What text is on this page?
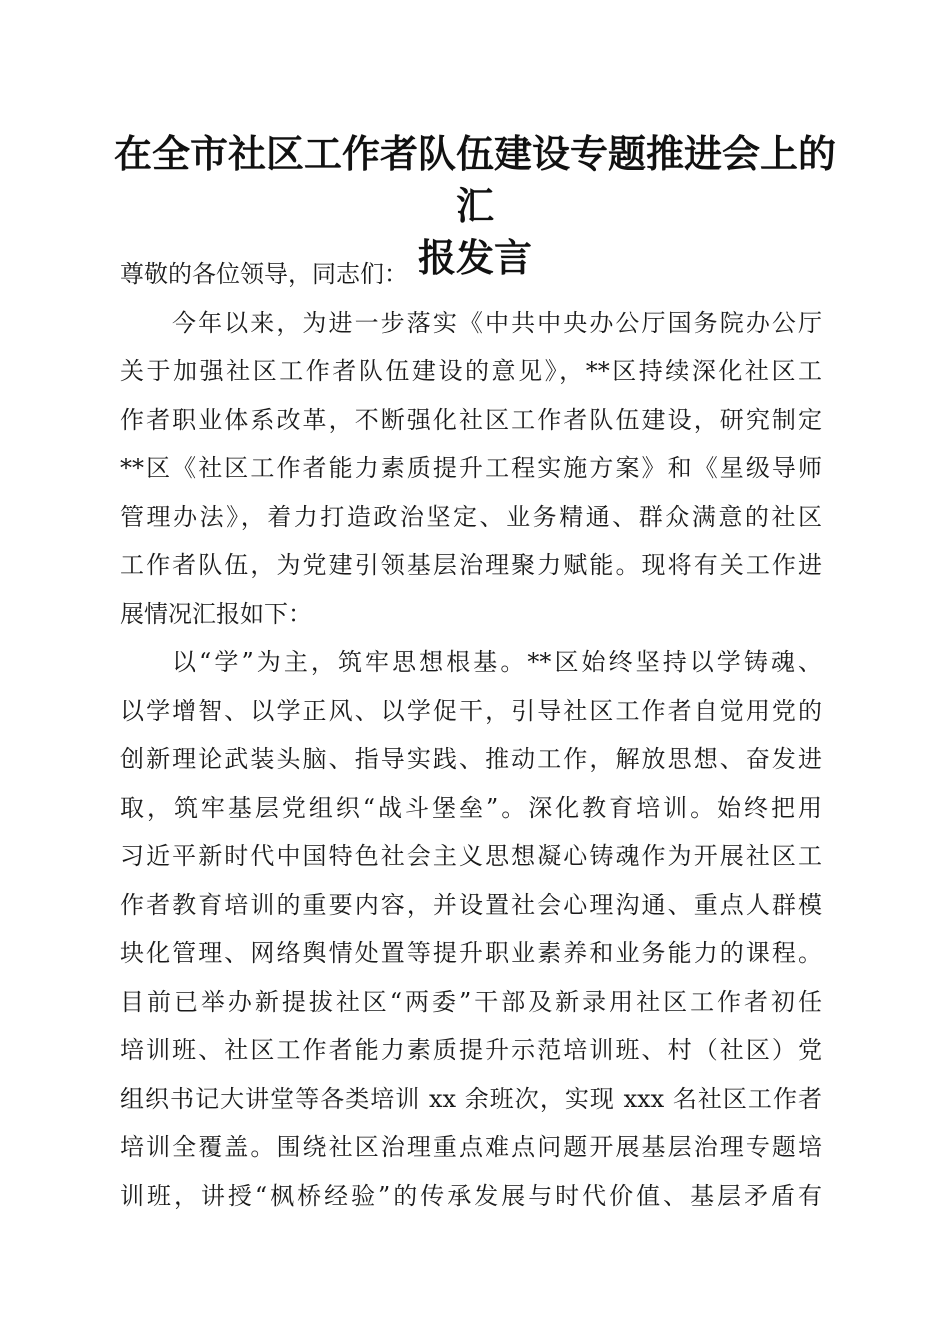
在全市社区工作者队伍建设专题推进会上的汇
报发言
尊敬的各位领导，同志们：
今年以来，为进一步落实《中共中央办公厅国务院办公厅
关于加强社区工作者队伍建设的意见》，**区持续深化社区工
作者职业体系改革，不断强化社区工作者队伍建设，研究制定
**区《社区工作者能力素质提升工程实施方案》和《星级导师
管理办法》，着力打造政治坚定、业务精通、群众满意的社区
工作者队伍，为党建引领基层治理聚力赋能。现将有关工作进
展情况汇报如下：
以“学”为主，筑牢思想根基。**区始终坚持以学铸魂、
以学增智、以学正风、以学促干，引导社区工作者自觉用党的
创新理论武装头脑、指导实践、推动工作，解放思想、奋发进
取，筑牢基层党组织“战斗堡垒”。深化教育培训。始终把用
习近平新时代中国特色社会主义思想凝心铸魂作为开展社区工
作者教育培训的重要内容，并设置社会心理沟通、重点人群模
块化管理、网络舆情处置等提升职业素养和业务能力的课程。
目前已举办新提拔社区“两委”干部及新录用社区工作者初任
培训班、社区工作者能力素质提升示范培训班、村（社区）党
组织书记大讲堂等各类培训 xx 余班次，实现 xxx 名社区工作者
培训全覆盖。围绕社区治理重点难点问题开展基层治理专题培
训班，讲授“枫桥经验”的传承发展与时代价值、基层矛盾有
